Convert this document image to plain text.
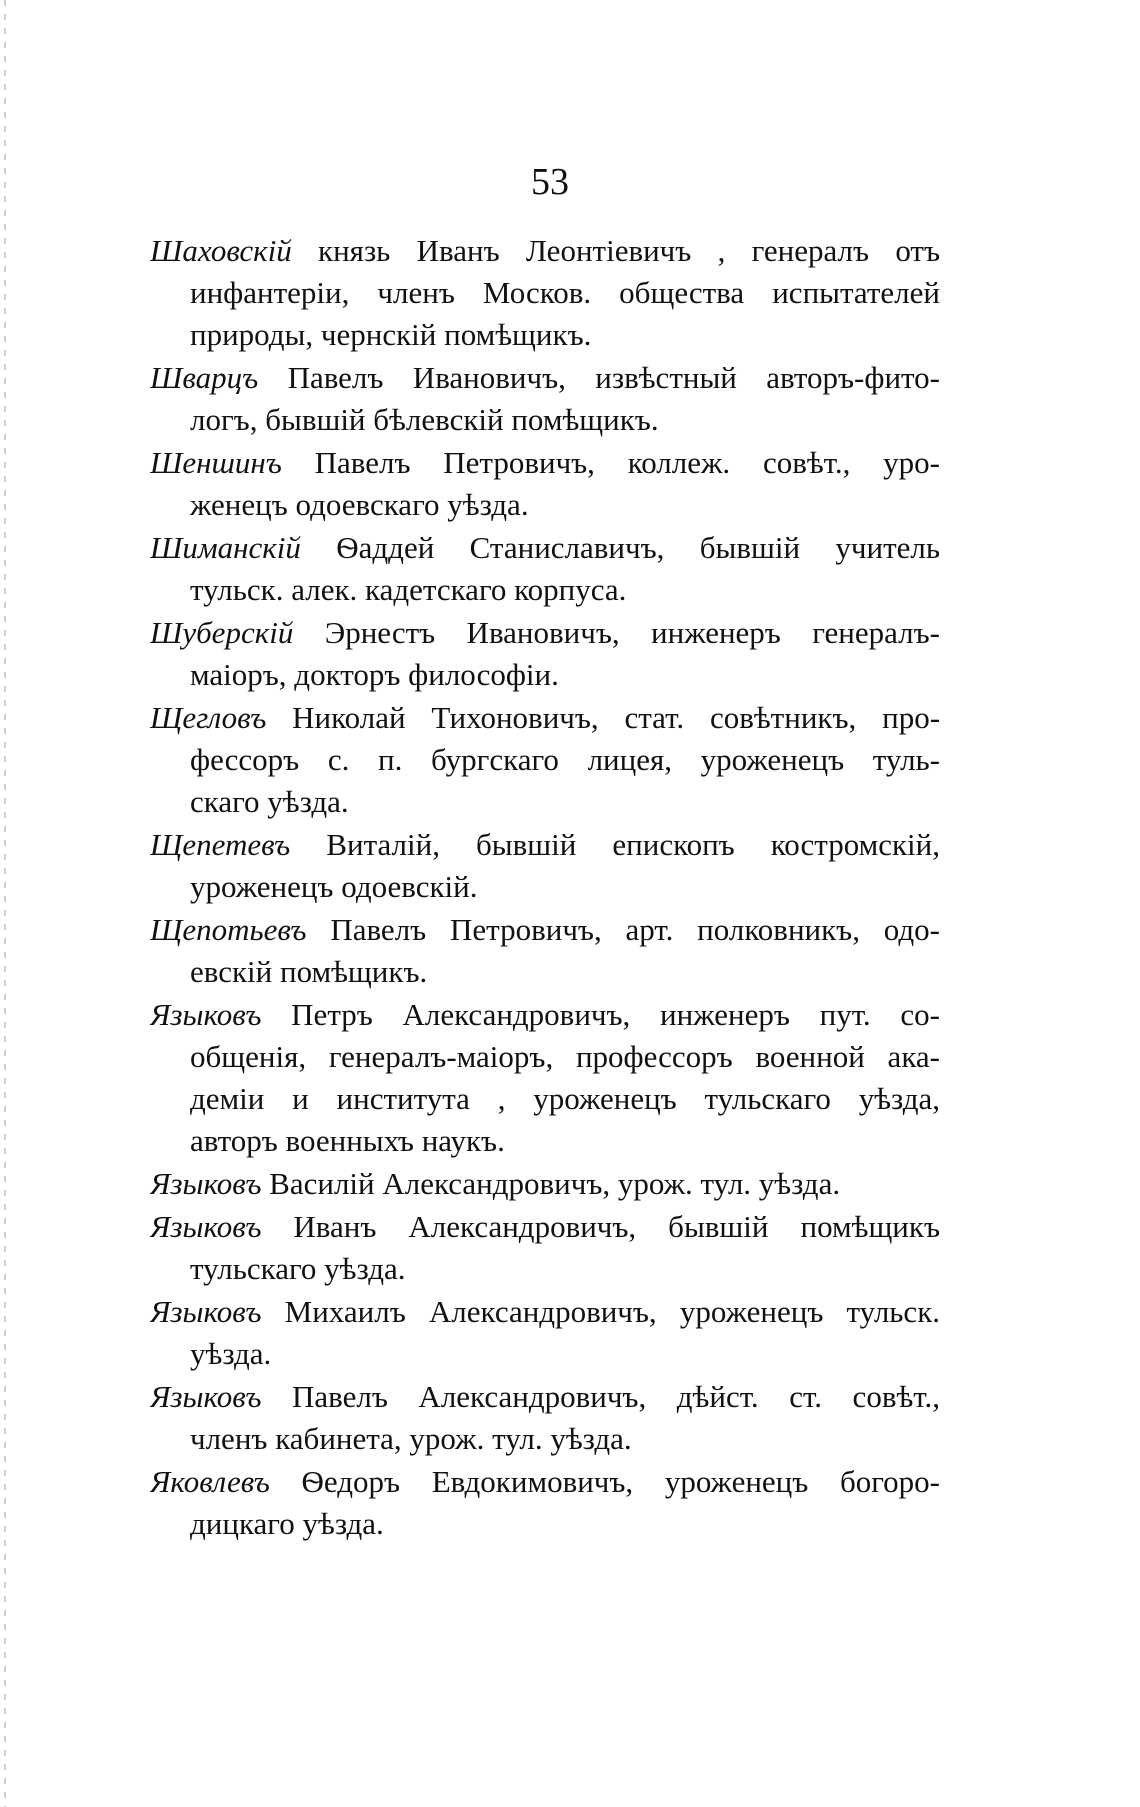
53
Шаховскій князь Иванъ Леонтіевичъ , генералъ отъ
инфантеріи, членъ Москов. общества испытателей
природы, чернскій помѣщикъ.
Шварцъ Павелъ Ивановичъ, извѣстный авторъ-фито-
логъ, бывшій бѣлевскій помѣщикъ.
Шеншинъ Павелъ Петровичъ, коллеж. совѣт., уро-
женецъ одоевскаго уѣзда.
Шиманскій Ѳаддей Станиславичъ, бывшій учитель
тульск. алек. кадетскаго корпуса.
Шуберскій Эрнестъ Ивановичъ, инженеръ генералъ-
маіоръ, докторъ философіи.
Щегловъ Николай Тихоновичъ, стат. совѣтникъ, про-
фессоръ с. п. бургскаго лицея, уроженецъ туль-
скаго уѣзда.
Щепетевъ Виталій, бывшій епископъ костромскій,
уроженецъ одоевскій.
Щепотьевъ Павелъ Петровичъ, арт. полковникъ, одо-
евскій помѣщикъ.
Языковъ Петръ Александровичъ, инженеръ пут. со-
общенія, генералъ-маіоръ, профессоръ военной ака-
деміи и института , уроженецъ тульскаго уѣзда,
авторъ военныхъ наукъ.
Языковъ Василій Александровичъ, урож. тул. уѣзда.
Языковъ Иванъ Александровичъ, бывшій помѣщикъ
тульскаго уѣзда.
Языковъ Михаилъ Александровичъ, уроженецъ тульск.
уѣзда.
Языковъ Павелъ Александровичъ, дѣйст. ст. совѣт.,
членъ кабинета, урож. тул. уѣзда.
Яковлевъ Ѳедоръ Евдокимовичъ, уроженецъ богоро-
дицкаго уѣзда.
